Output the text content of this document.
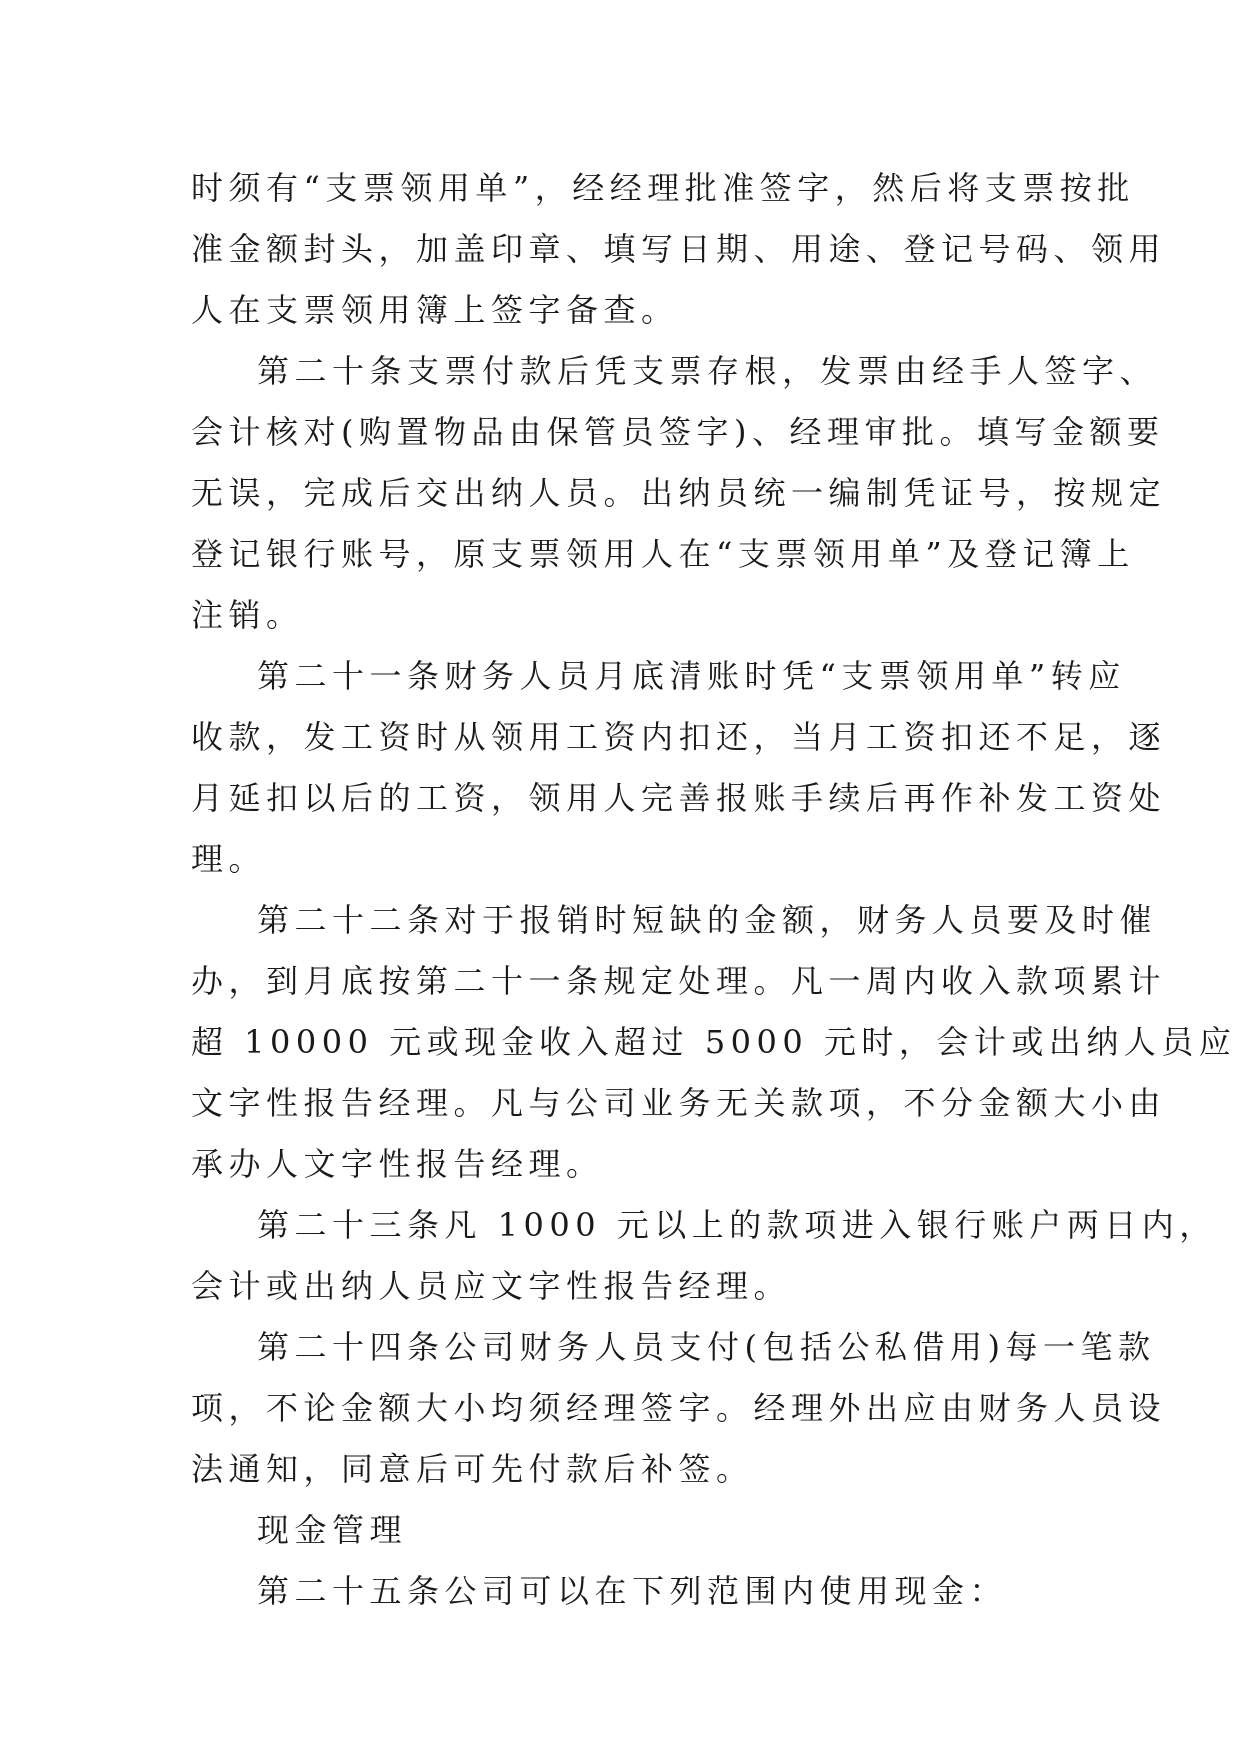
时须有“支票领用单”，经经理批准签字，然后将支票按批
准金额封头，加盖印章、填写日期、用途、登记号码、领用
人在支票领用簿上签字备查。
第二十条支票付款后凭支票存根，发票由经手人签字、
会计核对(购置物品由保管员签字)、经理审批。填写金额要
无误，完成后交出纳人员。出纳员统一编制凭证号，按规定
登记银行账号，原支票领用人在“支票领用单”及登记簿上
注销。
第二十一条财务人员月底清账时凭“支票领用单”转应
收款，发工资时从领用工资内扣还，当月工资扣还不足，逐
月延扣以后的工资，领用人完善报账手续后再作补发工资处
理。
第二十二条对于报销时短缺的金额，财务人员要及时催
办，到月底按第二十一条规定处理。凡一周内收入款项累计
超 10000 元或现金收入超过 5000 元时，会计或出纳人员应
文字性报告经理。凡与公司业务无关款项，不分金额大小由
承办人文字性报告经理。
第二十三条凡 1000 元以上的款项进入银行账户两日内，
会计或出纳人员应文字性报告经理。
第二十四条公司财务人员支付(包括公私借用)每一笔款
项，不论金额大小均须经理签字。经理外出应由财务人员设
法通知，同意后可先付款后补签。
现金管理
第二十五条公司可以在下列范围内使用现金：
